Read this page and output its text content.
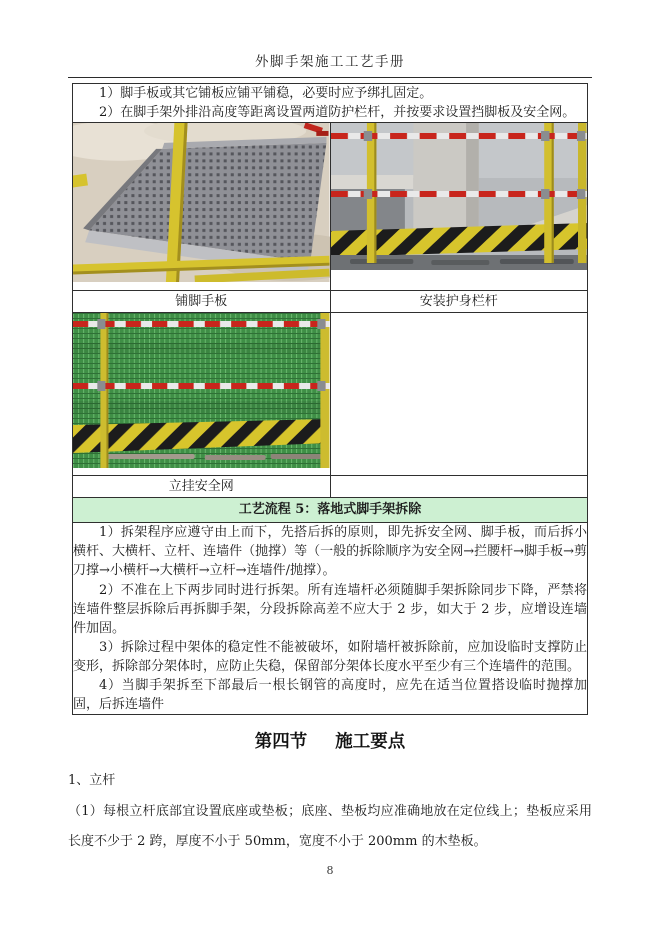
外脚手架施工工艺手册

1）脚手板或其它铺板应铺平铺稳，必要时应予绑扎固定。

2）在脚手架外排沿高度等距离设置两道防护栏杆，并按要求设置挡脚板及安全网。	

铺脚手板	安装护身栏杆

立挂安全网	
工艺流程 5：落地式脚手架拆除	

1）拆架程序应遵守由上而下，先搭后拆的原则，即先拆安全网、脚手板，而后拆小横杆、大横杆、立杆、连墙件（抛撑）等（一般的拆除顺序为安全网→拦腰杆→脚手板→剪刀撑→小横杆→大横杆→立杆→连墙件/抛撑）。

2）不准在上下两步同时进行拆架。所有连墙杆必须随脚手架拆除同步下降，严禁将连墙件整层拆除后再拆脚手架，分段拆除高差不应大于 2 步，如大于 2 步，应增设连墙件加固。

3）拆除过程中架体的稳定性不能被破坏，如附墙杆被拆除前，应加设临时支撑防止变形，拆除部分架体时，应防止失稳，保留部分架体长度水平至少有三个连墙件的范围。

4）当脚手架拆至下部最后一根长钢管的高度时，应先在适当位置搭设临时抛撑加固，后拆连墙件	

第四节 施工要点

1、立杆

（1）每根立杆底部宜设置底座或垫板；底座、垫板均应准确地放在定位线上；垫板应采用长度不少于 2 跨，厚度不小于 50mm，宽度不小于 200mm 的木垫板。

8
